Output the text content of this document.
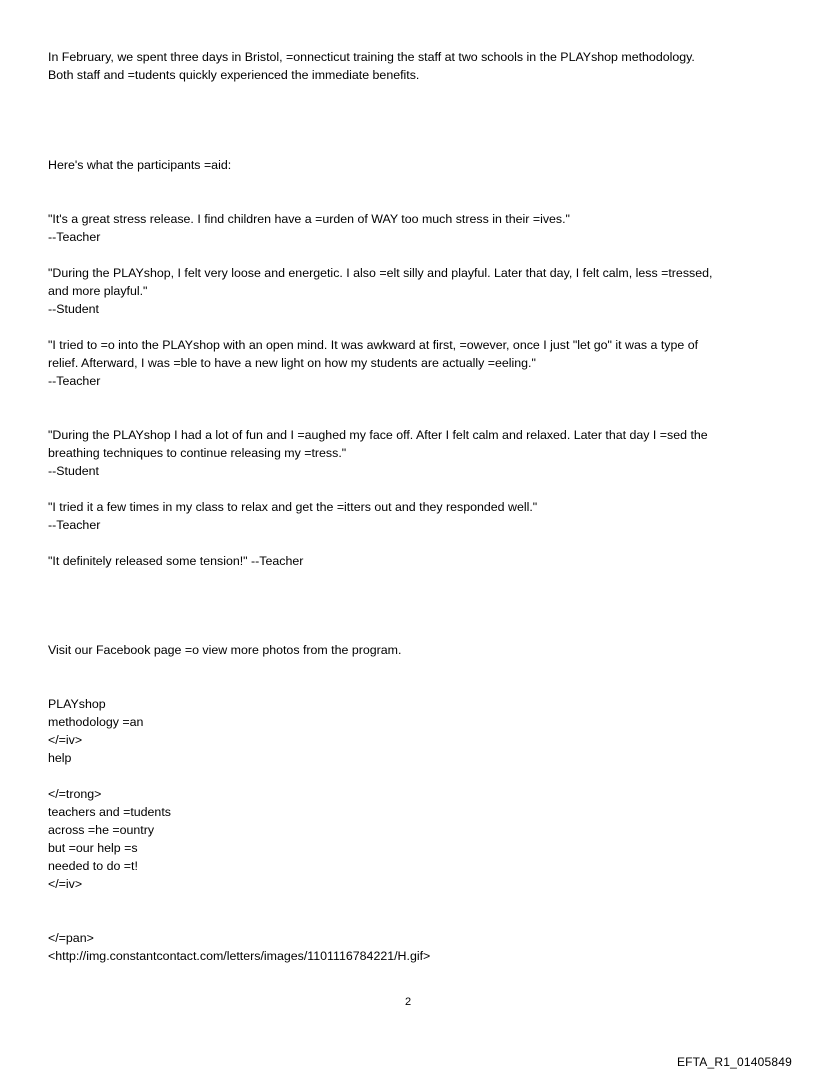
In February, we spent three days in Bristol, =onnecticut training the staff at two schools in the PLAYshop methodology.
Both staff and =tudents quickly experienced the immediate benefits.
Here's what the participants =aid:
"It's a great stress release. I find children have a =urden of WAY too much stress in their =ives."
--Teacher
"During the PLAYshop, I felt very loose and energetic. I also =elt silly and playful. Later that day, I felt calm, less =tressed,
and more playful."
--Student
"I tried to =o into the PLAYshop with an open mind. It was awkward at first, =owever, once I just "let go" it was a type of
relief. Afterward, I was =ble to have a new light on how my students are actually =eeling."
--Teacher
"During the PLAYshop I had a lot of fun and I =aughed my face off. After I felt calm and relaxed. Later that day I =sed the
breathing techniques to continue releasing my =tress."
--Student
"I tried it a few times in my class to relax and get the =itters out and they responded well."
--Teacher
"It definitely released some tension!" --Teacher
Visit our Facebook page =o view more photos from the program.
PLAYshop
methodology =an
</=iv>
help
</=trong>
teachers and =tudents
across =he =ountry
but =our help =s
needed to do =t!
</=iv>
</=pan>
<http://img.constantcontact.com/letters/images/1101116784221/H.gif>
2
EFTA_R1_01405849
